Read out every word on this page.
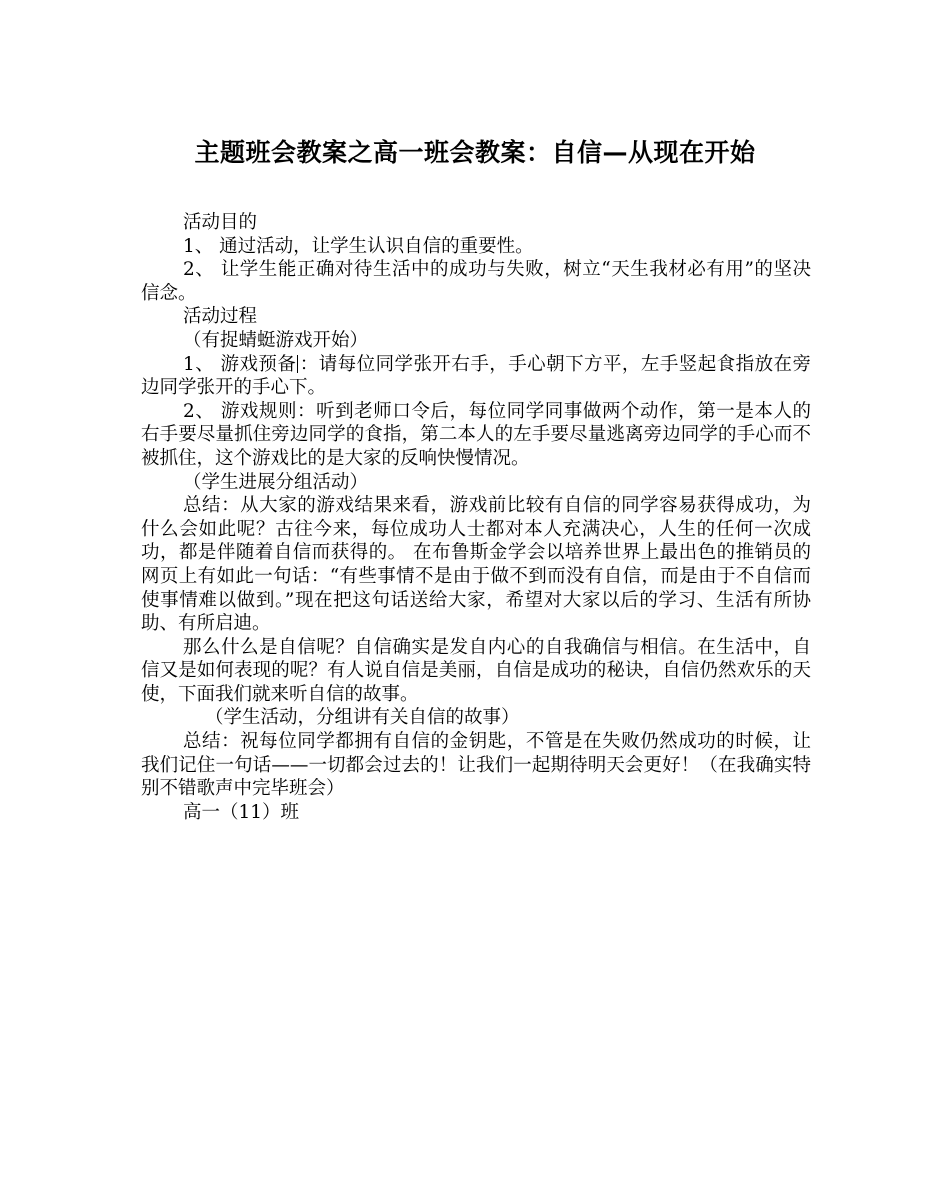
主题班会教案之高一班会教案：自信—从现在开始

活动目的

1、 通过活动，让学生认识自信的重要性。

2、 让学生能正确对待生活中的成功与失败，树立“天生我材必有用”的坚决信念。

活动过程

（有捉蜻蜓游戏开始）

1、 游戏预备 ：请每位同学张开右手，手心朝下方平，左手竖起食指放在旁边同学张开的手心下。

2、 游戏规则：听到老师口令后，每位同学同事做两个动作，第一是本人的右手要尽量抓住旁边同学的食指，第二本人的左手要尽量逃离旁边同学的手心而不被抓住，这个游戏比的是大家的反响快慢情况。

（学生进展分组活动）

总结：从大家的游戏结果来看，游戏前比较有自信的同学容易获得成功，为什么会如此呢？古往今来，每位成功人士都对本人充满决心，人生的任何一次成功，都是伴随着自信而获得的。 在布鲁斯金学会以培养世界上最出色的推销员的网页上有如此一句话：“有些事情不是由于做不到而没有自信，而是由于不自信而使事情难以做到。”现在把这句话送给大家，希望对大家以后的学习、生活有所协助、有所启迪。

那么什么是自信呢？自信确实是发自内心的自我确信与相信。在生活中，自信又是如何表现的呢？有人说自信是美丽，自信是成功的秘诀，自信仍然欢乐的天使，下面我们就来听自信的故事。

（学生活动，分组讲有关自信的故事）

总结：祝每位同学都拥有自信的金钥匙，不管是在失败仍然成功的时候，让我们记住一句话——一切都会过去的！让我们一起期待明天会更好！（在我确实特别不错歌声中完毕班会）

高一（11）班
